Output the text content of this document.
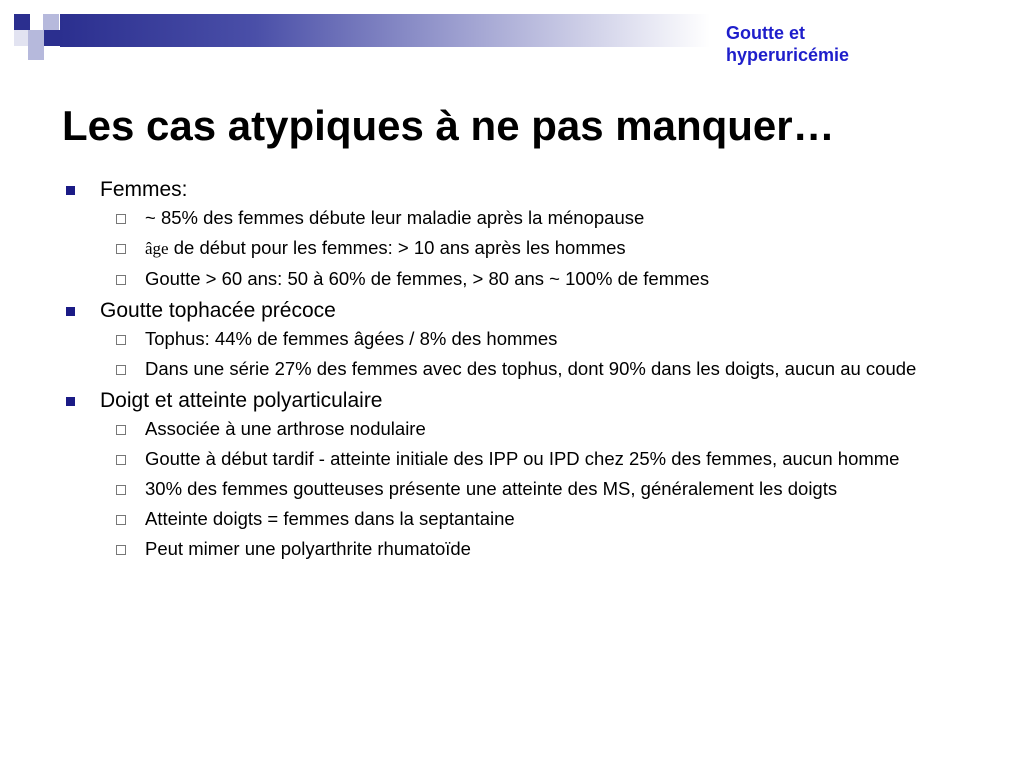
Goutte et hyperuricémie
Les cas atypiques à ne pas manquer…
Femmes:
~ 85% des femmes débute leur maladie après la ménopause
âge de début pour les femmes: > 10 ans après les hommes
Goutte > 60 ans: 50 à 60% de femmes, > 80 ans ~ 100% de femmes
Goutte tophacée précoce
Tophus: 44% de femmes âgées / 8% des hommes
Dans une série 27% des femmes avec des tophus, dont 90% dans les doigts, aucun au coude
Doigt et atteinte polyarticulaire
Associée à une arthrose nodulaire
Goutte à début tardif - atteinte initiale des IPP ou IPD chez 25% des femmes, aucun homme
30% des femmes goutteuses présente une atteinte des MS, généralement les doigts
Atteinte doigts = femmes dans la septantaine
Peut mimer une polyarthrite rhumatoïde
